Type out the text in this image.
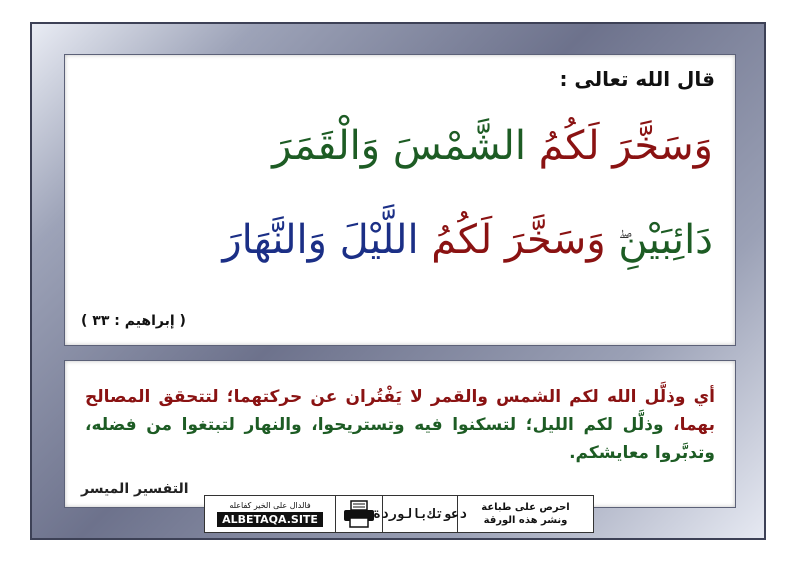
قال الله تعالى :
وَسَخَّرَ لَكُمُ الشَّمْسَ وَالْقَمَرَ
دَائِبَيْنِ وَسَخَّرَ لَكُمُ اللَّيْلَ وَالنَّهَارَ
( إبراهيم : ٣٣ )
أي وذلَّل الله لكم الشمس والقمر لا يَفْتُران عن حركتهما؛ لتتحقق المصالح بهما، وذلَّل لكم الليل؛ لتسكنوا فيه وتستريحوا، والنهار لتبتغوا من فضله، وتدبَّروا معايشكم.
التفسير الميسر
فالدال على الخير كفاعله
ALBETAQA.SITE	دعوتك
بالوردة	احرص على طباعة
ونشر هذه الورقة
